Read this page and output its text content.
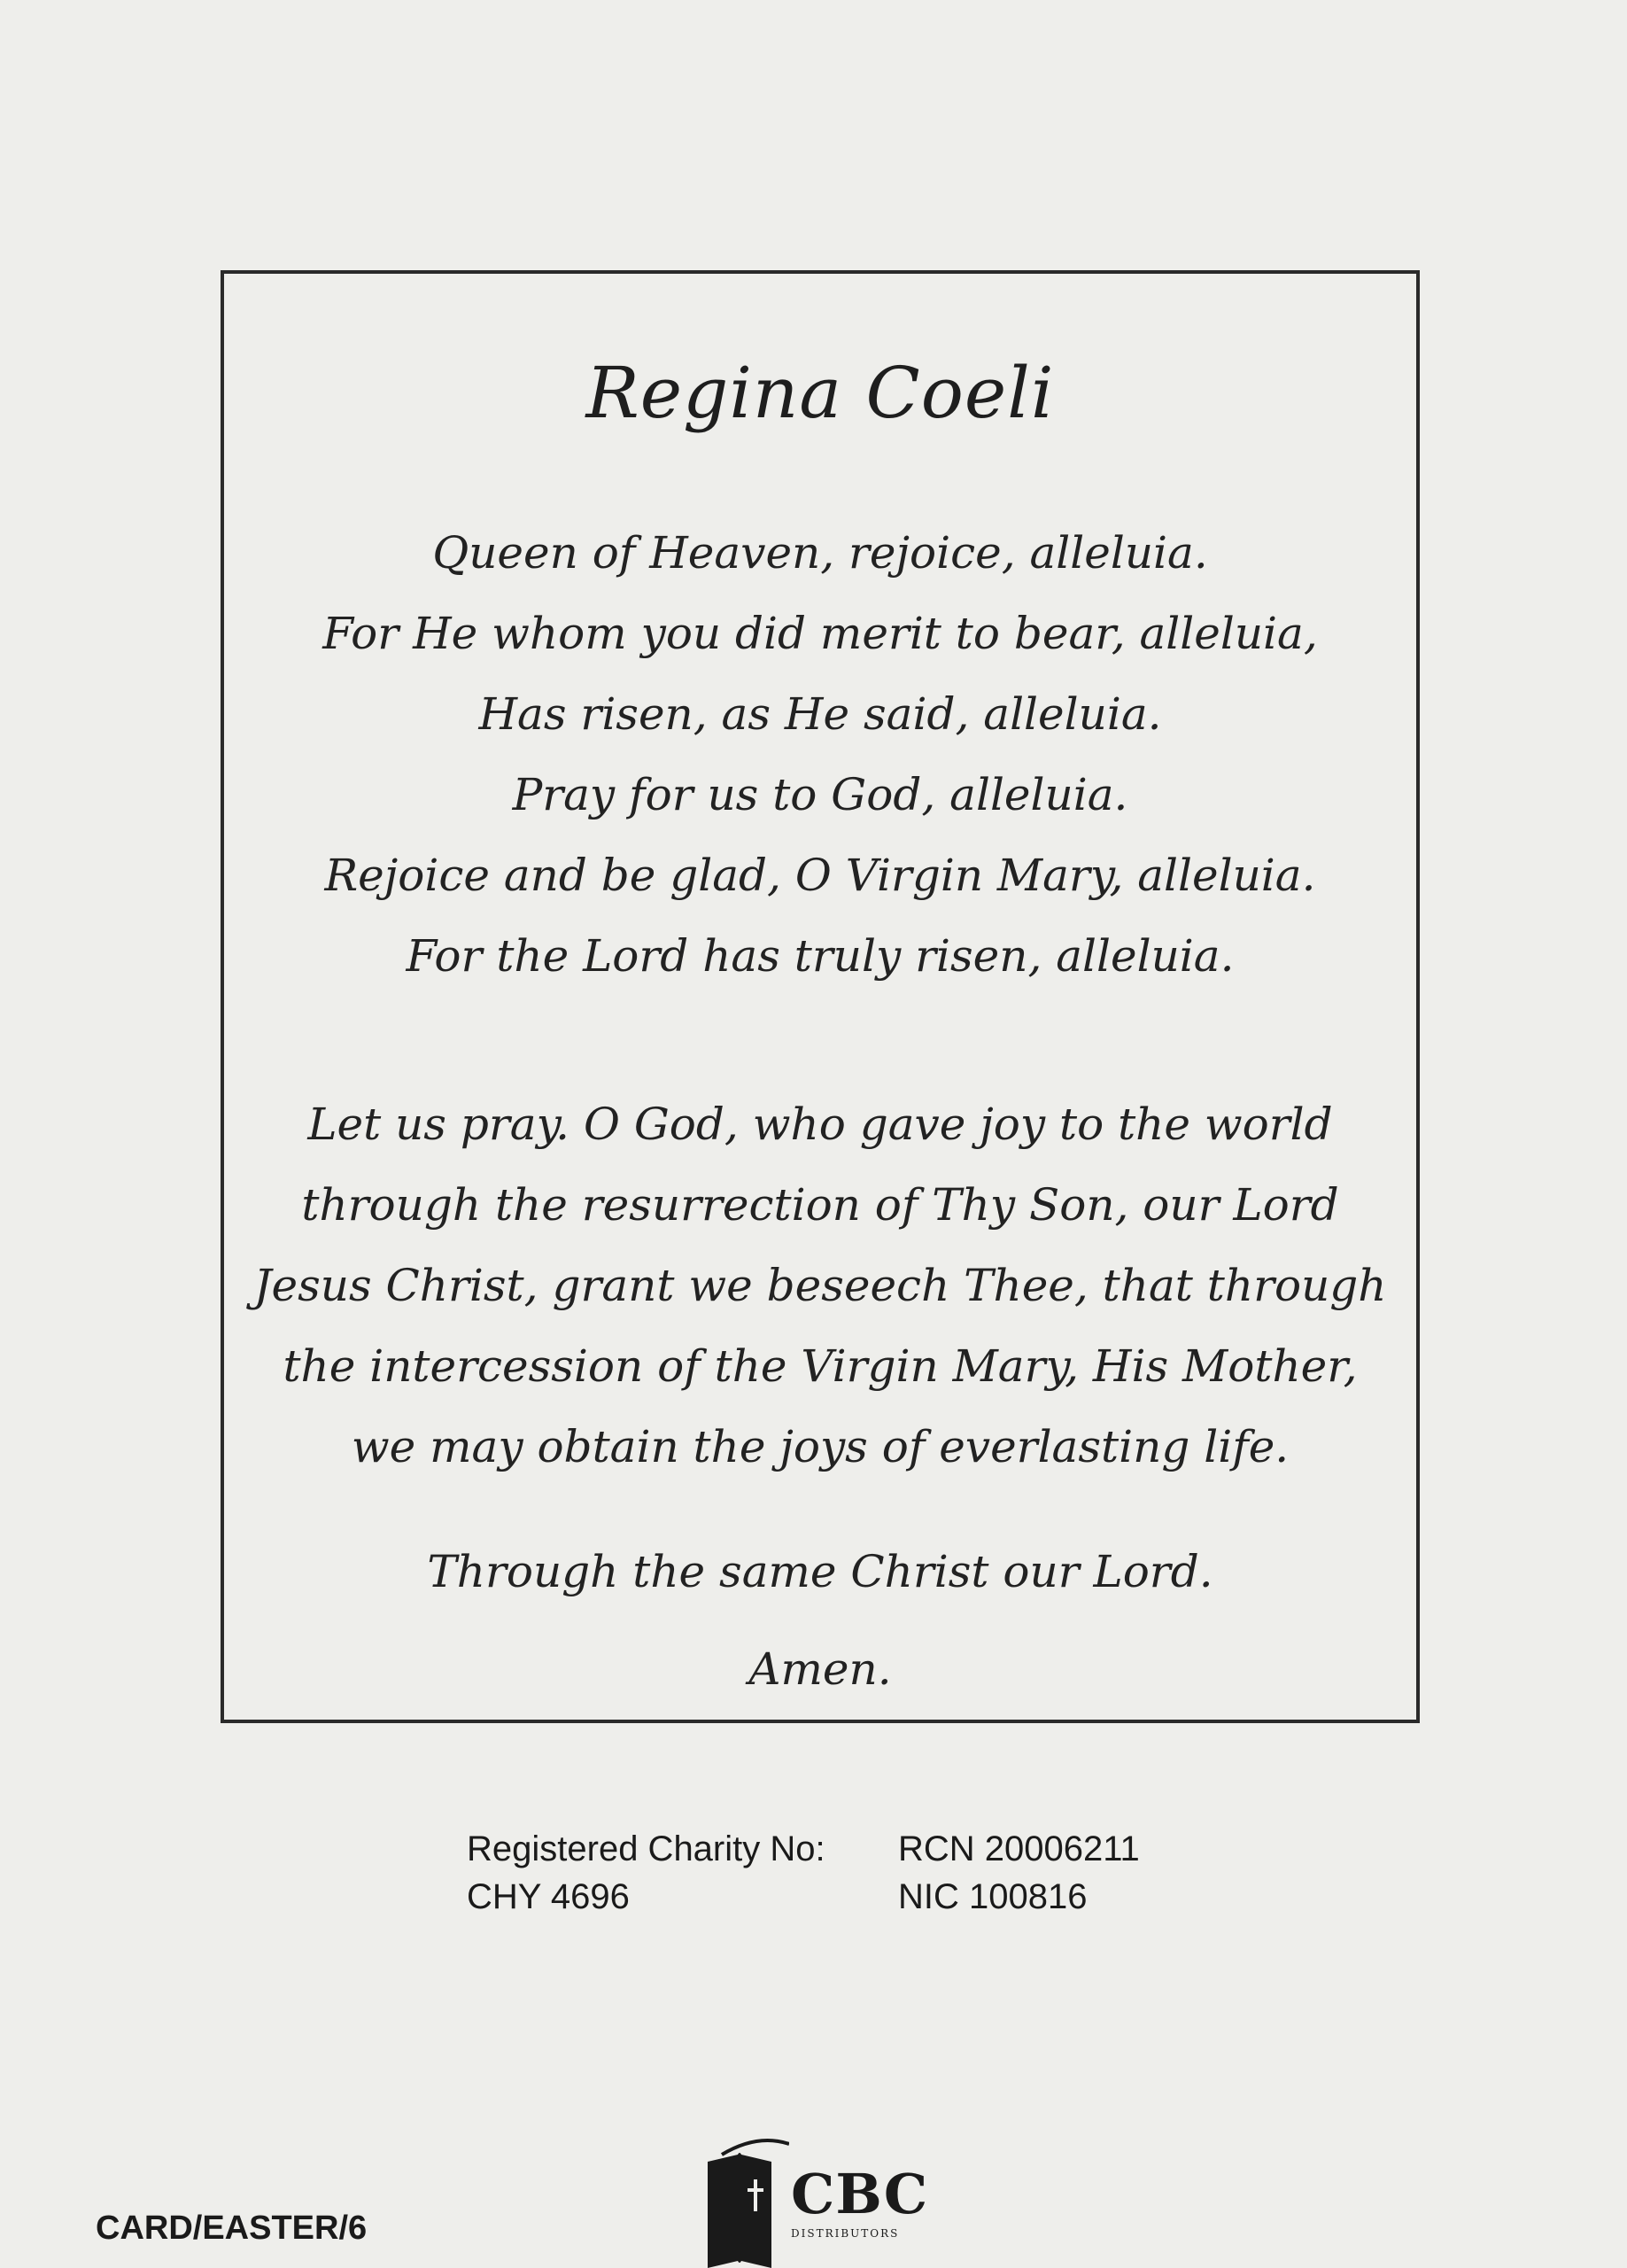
Regina Coeli
Queen of Heaven, rejoice, alleluia.
For He whom you did merit to bear, alleluia,
Has risen, as He said, alleluia.
Pray for us to God, alleluia.
Rejoice and be glad, O Virgin Mary, alleluia.
For the Lord has truly risen, alleluia.
Let us pray. O God, who gave joy to the world
through the resurrection of Thy Son, our Lord
Jesus Christ, grant we beseech Thee, that through
the intercession of the Virgin Mary, His Mother,
we may obtain the joys of everlasting life.
Through the same Christ our Lord.
Amen.
Registered Charity No: RCN 20006211
CHY 4696	NIC 100816
CBC
DISTRIBUTORS
CARD/EASTER/6
